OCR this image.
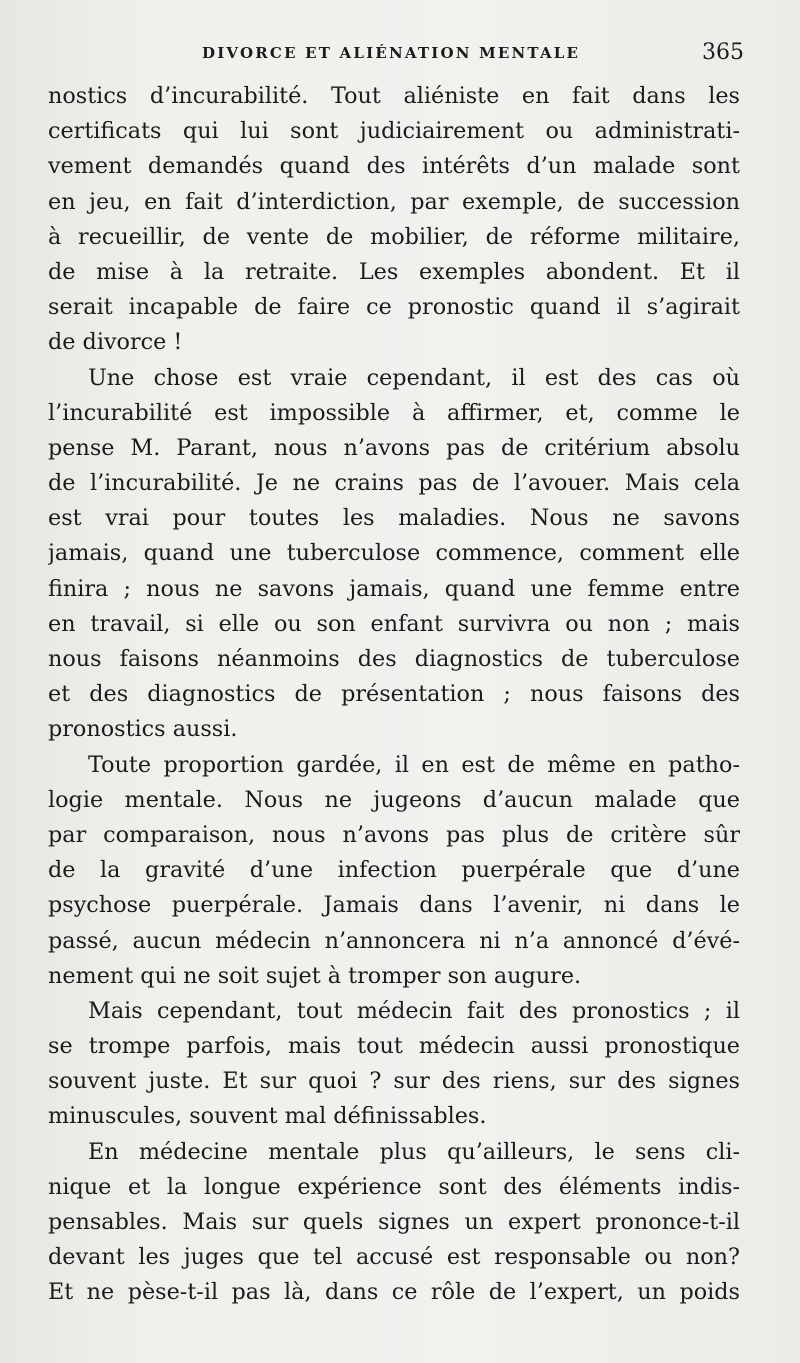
DIVORCE ET ALIÉNATION MENTALE	365
nostics d’incurabilité. Tout aliéniste en fait dans les
certificats qui lui sont judiciairement ou administrati-
vement demandés quand des intérêts d’un malade sont
en jeu, en fait d’interdiction, par exemple, de succession
à recueillir, de vente de mobilier, de réforme militaire,
de mise à la retraite. Les exemples abondent. Et il
serait incapable de faire ce pronostic quand il s’agirait
de divorce !
Une chose est vraie cependant, il est des cas où
l’incurabilité est impossible à affirmer, et, comme le
pense M. Parant, nous n’avons pas de critérium absolu
de l’incurabilité. Je ne crains pas de l’avouer. Mais cela
est vrai pour toutes les maladies. Nous ne savons
jamais, quand une tuberculose commence, comment elle
finira ; nous ne savons jamais, quand une femme entre
en travail, si elle ou son enfant survivra ou non ; mais
nous faisons néanmoins des diagnostics de tuberculose
et des diagnostics de présentation ; nous faisons des
pronostics aussi.
Toute proportion gardée, il en est de même en patho-
logie mentale. Nous ne jugeons d’aucun malade que
par comparaison, nous n’avons pas plus de critère sûr
de la gravité d’une infection puerpérale que d’une
psychose puerpérale. Jamais dans l’avenir, ni dans le
passé, aucun médecin n’annoncera ni n’a annoncé d’évé-
nement qui ne soit sujet à tromper son augure.
Mais cependant, tout médecin fait des pronostics ; il
se trompe parfois, mais tout médecin aussi pronostique
souvent juste. Et sur quoi ? sur des riens, sur des signes
minuscules, souvent mal définissables.
En médecine mentale plus qu’ailleurs, le sens cli-
nique et la longue expérience sont des éléments indis-
pensables. Mais sur quels signes un expert prononce-t-il
devant les juges que tel accusé est responsable ou non?
Et ne pèse-t-il pas là, dans ce rôle de l’expert, un poids
